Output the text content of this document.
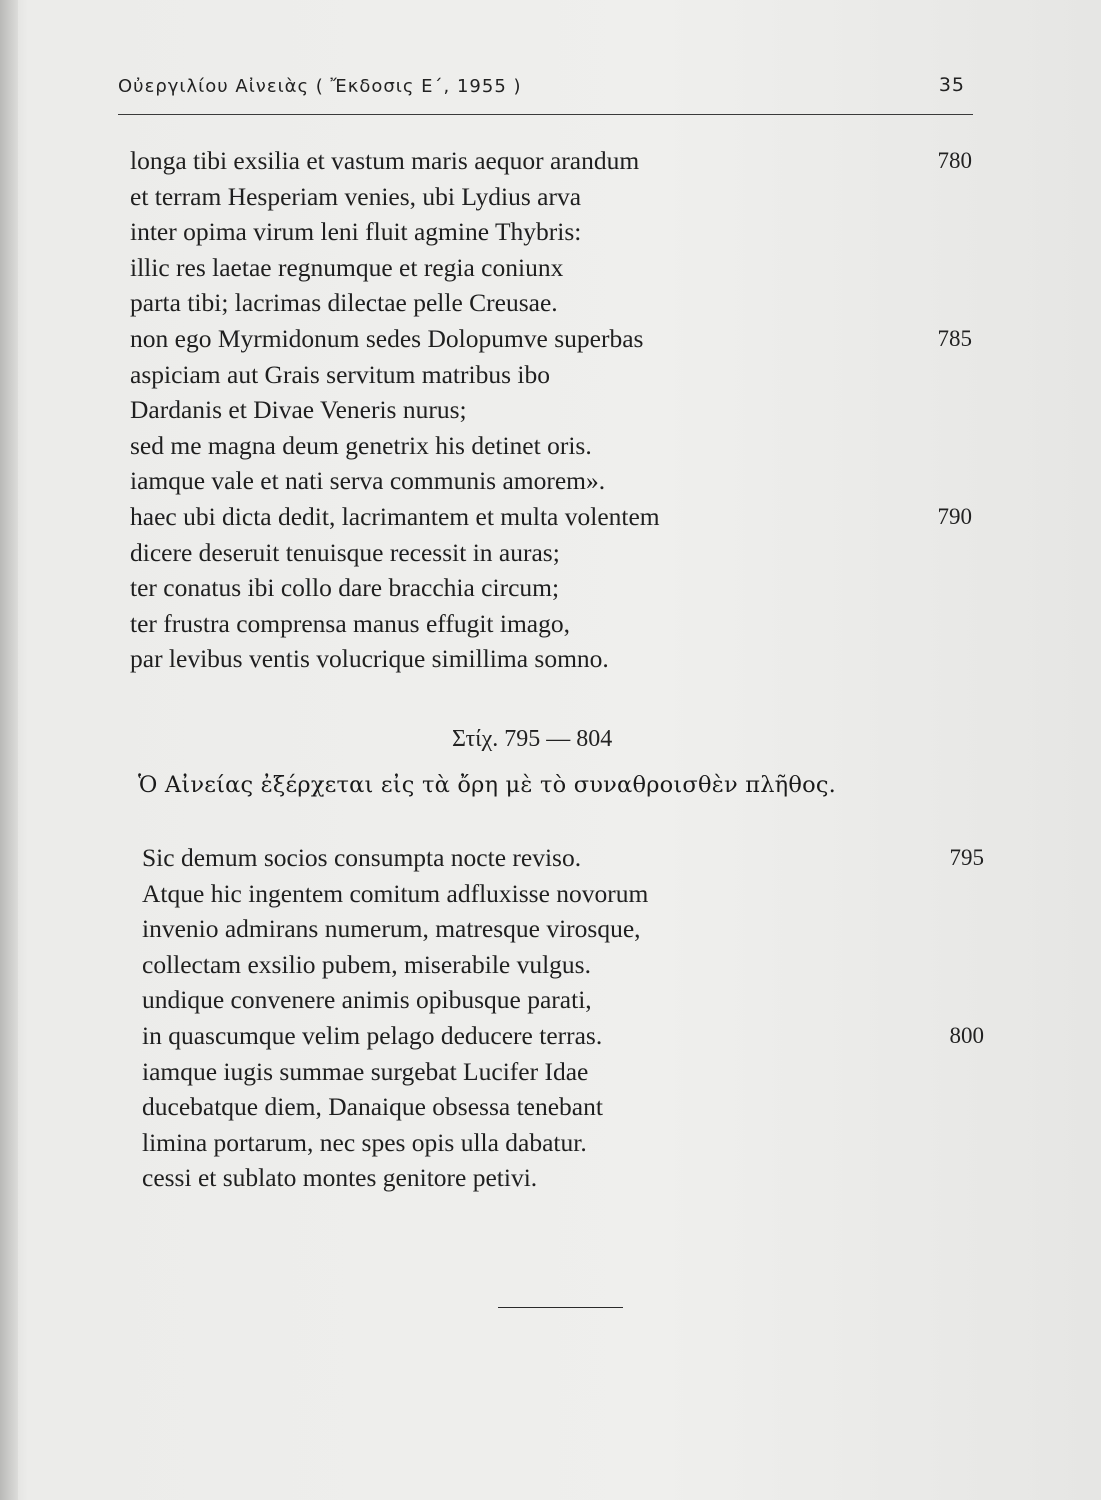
Οὐεργιλίου Αἰνειὰς ( Ἔκδοσις Ε΄, 1955 )	35
longa tibi exsilia et vastum maris aequor arandum	780
et terram Hesperiam venies, ubi Lydius arva
inter opima virum leni fluit agmine Thybris:
illic res laetae regnumque et regia coniunx
parta tibi; lacrimas dilectae pelle Creusae.
non ego Myrmidonum sedes Dolopumve superbas	785
aspiciam aut Grais servitum matribus ibo
Dardanis et Divae Veneris nurus;
sed me magna deum genetrix his detinet oris.
iamque vale et nati serva communis amorem».
haec ubi dicta dedit, lacrimantem et multa volentem	790
dicere deseruit tenuisque recessit in auras;
ter conatus ibi collo dare bracchia circum;
ter frustra comprensa manus effugit imago,
par levibus ventis volucrique simillima somno.
Στίχ. 795 — 804
Ὁ Αἰνείας ἐξέρχεται εἰς τὰ ὄρη μὲ τὸ συναθροισθὲν πλῆθος.
Sic demum socios consumpta nocte reviso.	795
Atque hic ingentem comitum adfluxisse novorum
invenio admirans numerum, matresque virosque,
collectam exsilio pubem, miserabile vulgus.
undique convenere animis opibusque parati,
in quascumque velim pelago deducere terras.	800
iamque iugis summae surgebat Lucifer Idae
ducebatque diem, Danaique obsessa tenebant
limina portarum, nec spes opis ulla dabatur.
cessi et sublato montes genitore petivi.
